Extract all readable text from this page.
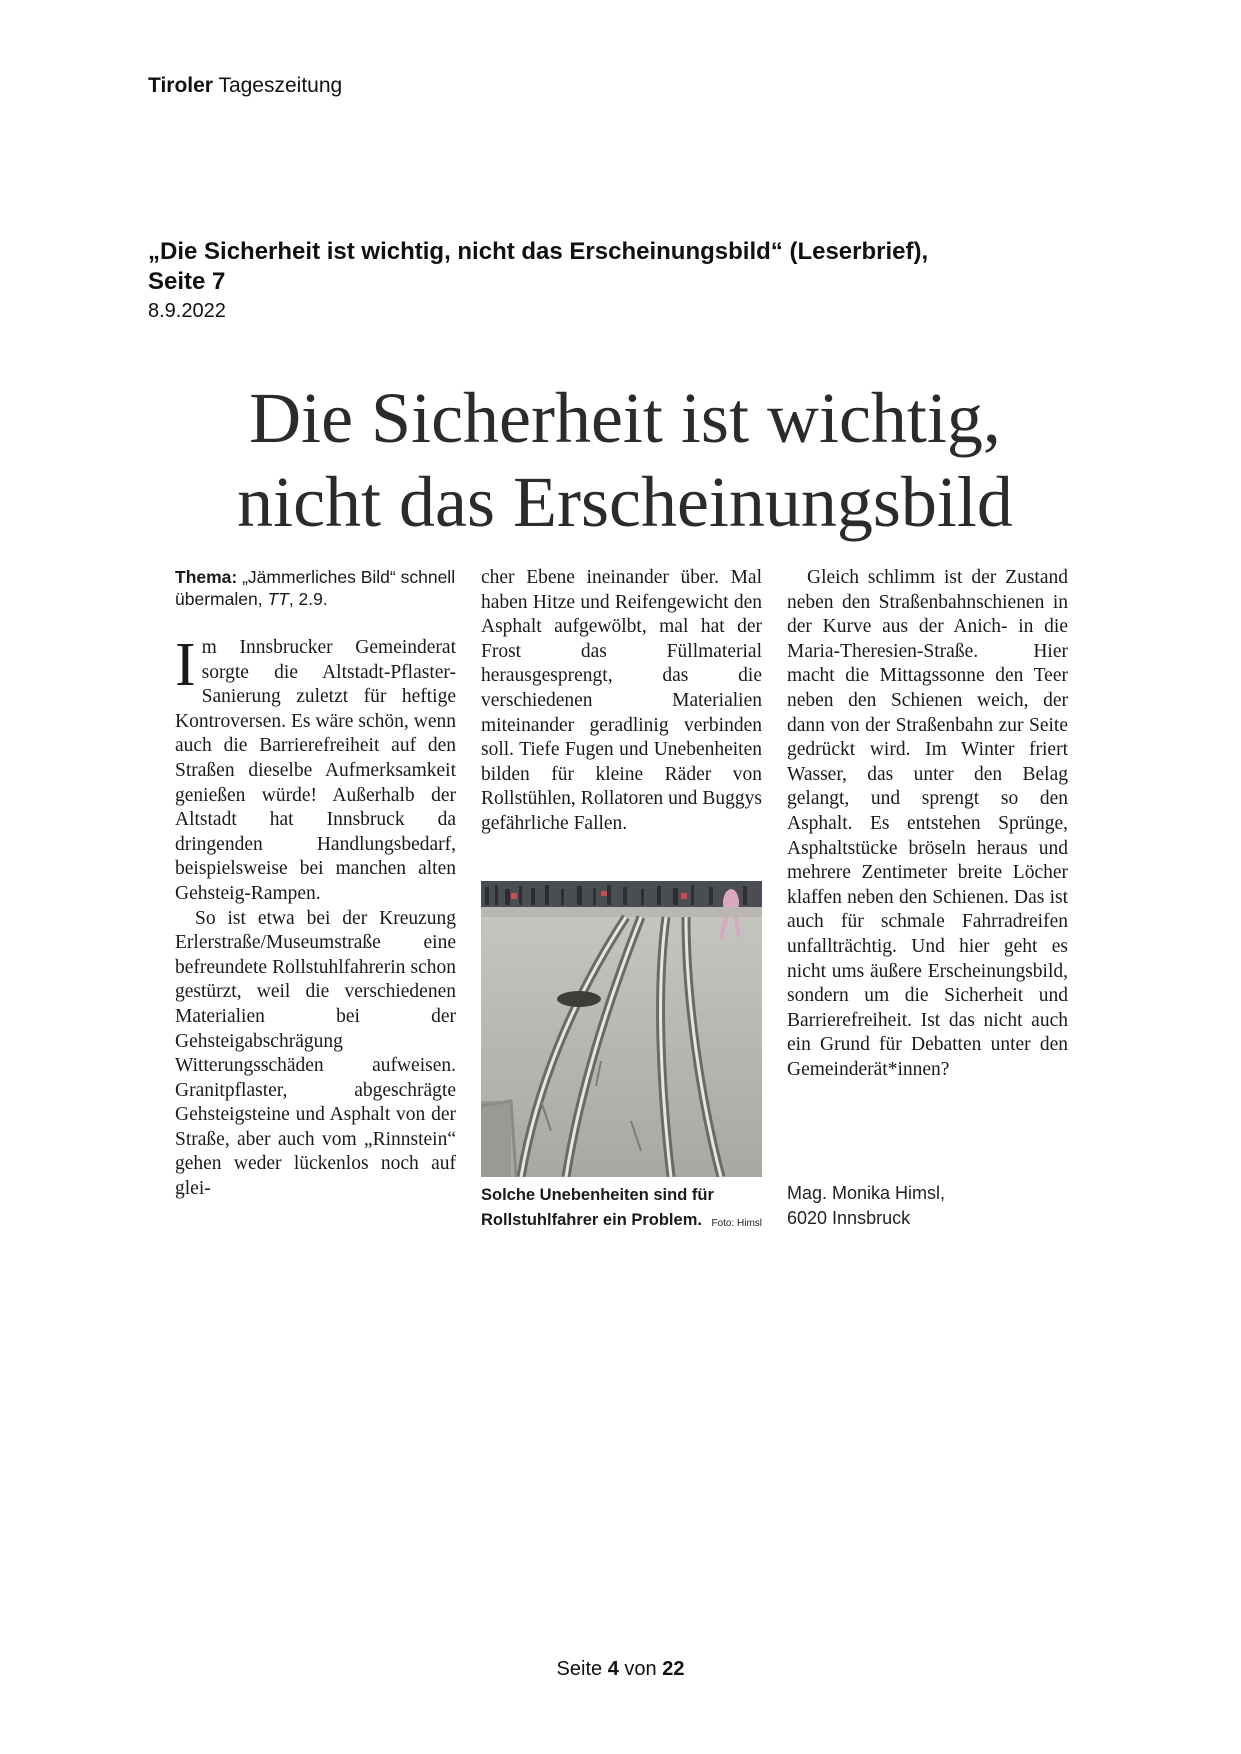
Tiroler Tageszeitung
„Die Sicherheit ist wichtig, nicht das Erscheinungsbild“ (Leserbrief),
Seite 7
8.9.2022
Die Sicherheit ist wichtig,
nicht das Erscheinungsbild
Thema: „Jämmerliches Bild“ schnell übermalen, TT, 2.9.

Im Innsbrucker Gemeinderat sorgte die Altstadt-Pflaster-Sanierung zuletzt für heftige Kontroversen. Es wäre schön, wenn auch die Barrierefreiheit auf den Straßen dieselbe Aufmerksamkeit genießen würde! Außerhalb der Altstadt hat Innsbruck da dringenden Handlungsbedarf, beispielsweise bei manchen alten Gehsteig-Rampen.

So ist etwa bei der Kreuzung Erlerstraße/Museumstraße eine befreundete Rollstuhlfahrerin schon gestürzt, weil die verschiedenen Materialien bei der Gehsteigabschrägung Witterungsschäden aufweisen. Granitpflaster, abgeschrägte Gehsteigsteine und Asphalt von der Straße, aber auch vom „Rinnstein“ gehen weder lückenlos noch auf glei-

cher Ebene ineinander über. Mal haben Hitze und Reifengewicht den Asphalt aufgewölbt, mal hat der Frost das Füllmaterial herausgesprengt, das die verschiedenen Materialien miteinander geradlinig verbinden soll. Tiefe Fugen und Unebenheiten bilden für kleine Räder von Rollstühlen, Rollatoren und Buggys gefährliche Fallen.

Solche Unebenheiten sind für Rollstuhlfahrer ein Problem. Foto: Himsl

Gleich schlimm ist der Zustand neben den Straßenbahnschienen in der Kurve aus der Anich- in die Maria-Theresien-Straße. Hier macht die Mittagssonne den Teer neben den Schienen weich, der dann von der Straßenbahn zur Seite gedrückt wird. Im Winter friert Wasser, das unter den Belag gelangt, und sprengt so den Asphalt. Es entstehen Sprünge, Asphaltstücke bröseln heraus und mehrere Zentimeter breite Löcher klaffen neben den Schienen. Das ist auch für schmale Fahrradreifen unfallträchtig. Und hier geht es nicht ums äußere Erscheinungsbild, sondern um die Sicherheit und Barrierefreiheit. Ist das nicht auch ein Grund für Debatten unter den Gemeinderät*innen?

Mag. Monika Himsl,
6020 Innsbruck
Seite 4 von 22
